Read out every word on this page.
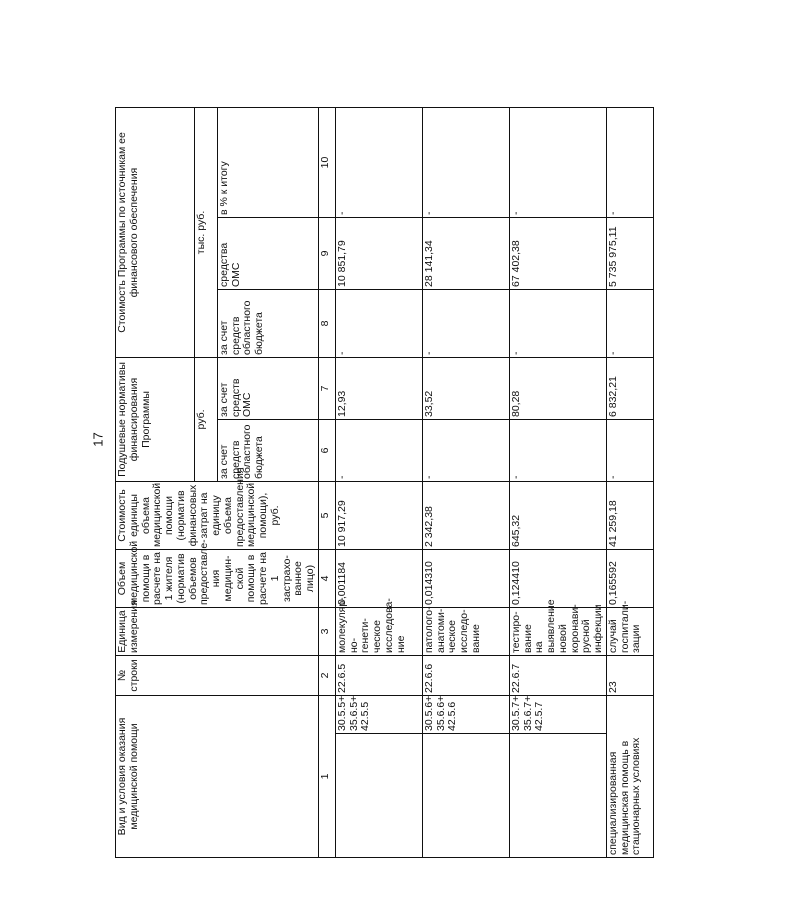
17
Вид и условия оказания медицинской помощи		№ строки	Единица измерения	Объем медицинской помощи в расчете на 1 жителя (норматив объемов предоставле-ния медицин-ской помощи в расчете на 1 застрахо-ванное лицо)	Стоимость единицы объема медицинской помощи (норматив финансовых затрат на единицу объема предоставления медицинской помощи), руб.	Подушевые нормативы финансирования Программы		Стоимость Программы по источникам ее финансового обеспечения		
						руб.		тыс. руб.		
						за счет средств областного бюджета	за счет средств ОМС	за счет средств областного бюджета	средства ОМС	в % к итогу
1		2	3	4	5	6	7	8	9	10
	30.5.5+ 35.6.5+ 42.5.5	22.6.5	молекуляр-но-генети-ческое исследова-ние	0,001184	10 917,29	-	12,93	-	10 851,79	-
	30.5.6+ 35.6.6+ 42.5.6	22.6.6	патолого-анатоми-ческое исследо-вание	0,014310	2 342,38	-	33,52	-	28 141,34	-
	30.5.7+ 35.6.7+ 42.5.7	22.6.7	тестиро-вание на выявление новой коронави-русной инфекции	0,124410	645,32	-	80,28	-	67 402,38	-
специализированная медицинская помощь в стационарных условиях		23	случай госпитали-зации	0,165592	41 259,18	-	6 832,21	-	5 735 975,11	-
